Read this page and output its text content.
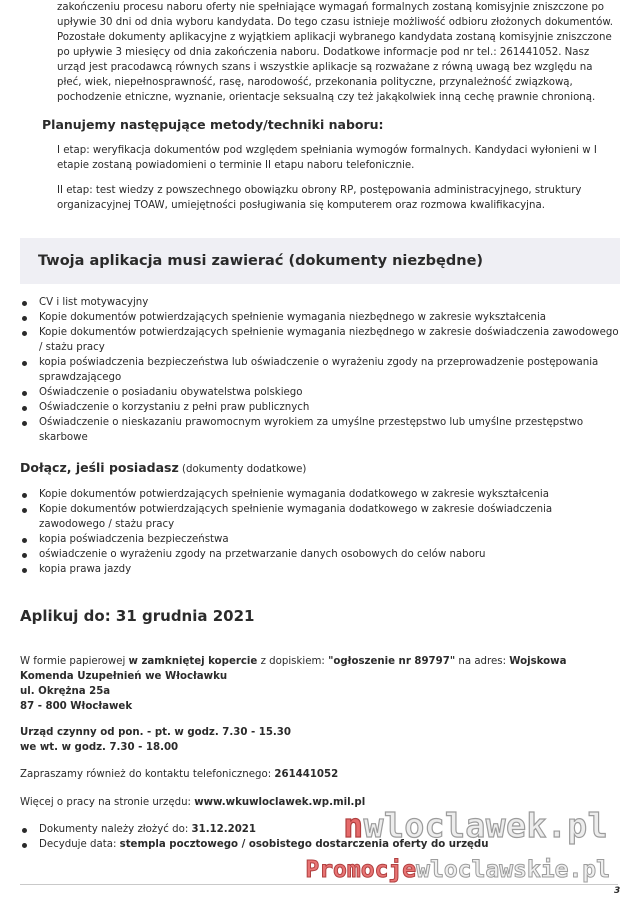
zakończeniu procesu naboru oferty nie spełniające wymagań formalnych zostaną komisyjnie zniszczone po upływie 30 dni od dnia wyboru kandydata. Do tego czasu istnieje możliwość odbioru złożonych dokumentów. Pozostałe dokumenty aplikacyjne z wyjątkiem aplikacji wybranego kandydata zostaną komisyjnie zniszczone po upływie 3 miesięcy od dnia zakończenia naboru. Dodatkowe informacje pod nr tel.: 261441052. Nasz urząd jest pracodawcą równych szans i wszystkie aplikacje są rozważane z równą uwagą bez względu na płeć, wiek, niepełnosprawność, rasę, narodowość, przekonania polityczne, przynależność związkową, pochodzenie etniczne, wyznanie, orientacje seksualną czy też jakąkolwiek inną cechę prawnie chronioną.

Planujemy następujące metody/techniki naboru:

I etap: weryfikacja dokumentów pod względem spełniania wymogów formalnych. Kandydaci wyłonieni w I etapie zostaną powiadomieni o terminie II etapu naboru telefonicznie.

II etap: test wiedzy z powszechnego obowiązku obrony RP, postępowania administracyjnego, struktury organizacyjnej TOAW, umiejętności posługiwania się komputerem oraz rozmowa kwalifikacyjna.

Twoja aplikacja musi zawierać (dokumenty niezbędne)
CV i list motywacyjny
Kopie dokumentów potwierdzających spełnienie wymagania niezbędnego w zakresie wykształcenia
Kopie dokumentów potwierdzających spełnienie wymagania niezbędnego w zakresie doświadczenia zawodowego / stażu pracy
kopia poświadczenia bezpieczeństwa lub oświadczenie o wyrażeniu zgody na przeprowadzenie postępowania sprawdzającego
Oświadczenie o posiadaniu obywatelstwa polskiego
Oświadczenie o korzystaniu z pełni praw publicznych
Oświadczenie o nieskazaniu prawomocnym wyrokiem za umyślne przestępstwo lub umyślne przestępstwo skarbowe
Dołącz, jeśli posiadasz (dokumenty dodatkowe)
Kopie dokumentów potwierdzających spełnienie wymagania dodatkowego w zakresie wykształcenia
Kopie dokumentów potwierdzających spełnienie wymagania dodatkowego w zakresie doświadczenia zawodowego / stażu pracy
kopia poświadczenia bezpieczeństwa
oświadczenie o wyrażeniu zgody na przetwarzanie danych osobowych do celów naboru
kopia prawa jazdy
Aplikuj do: 31 grudnia 2021

W formie papierowej w zamkniętej kopercie z dopiskiem: "ogłoszenie nr 89797" na adres: Wojskowa Komenda Uzupełnień we Włocławku
ul. Okrężna 25a
87 - 800 Włocławek

Urząd czynny od pon. - pt. w godz. 7.30 - 15.30
we wt. w godz. 7.30 - 18.00

Zapraszamy również do kontaktu telefonicznego: 261441052

Więcej o pracy na stronie urzędu: www.wkuwloclawek.wp.mil.pl

Dokumenty należy złożyć do: 31.12.2021
Decyduje data: stempla pocztowego / osobistego dostarczenia oferty do urzędu
nwloclawek.pl
Promocjewloclawskie.pl
3
